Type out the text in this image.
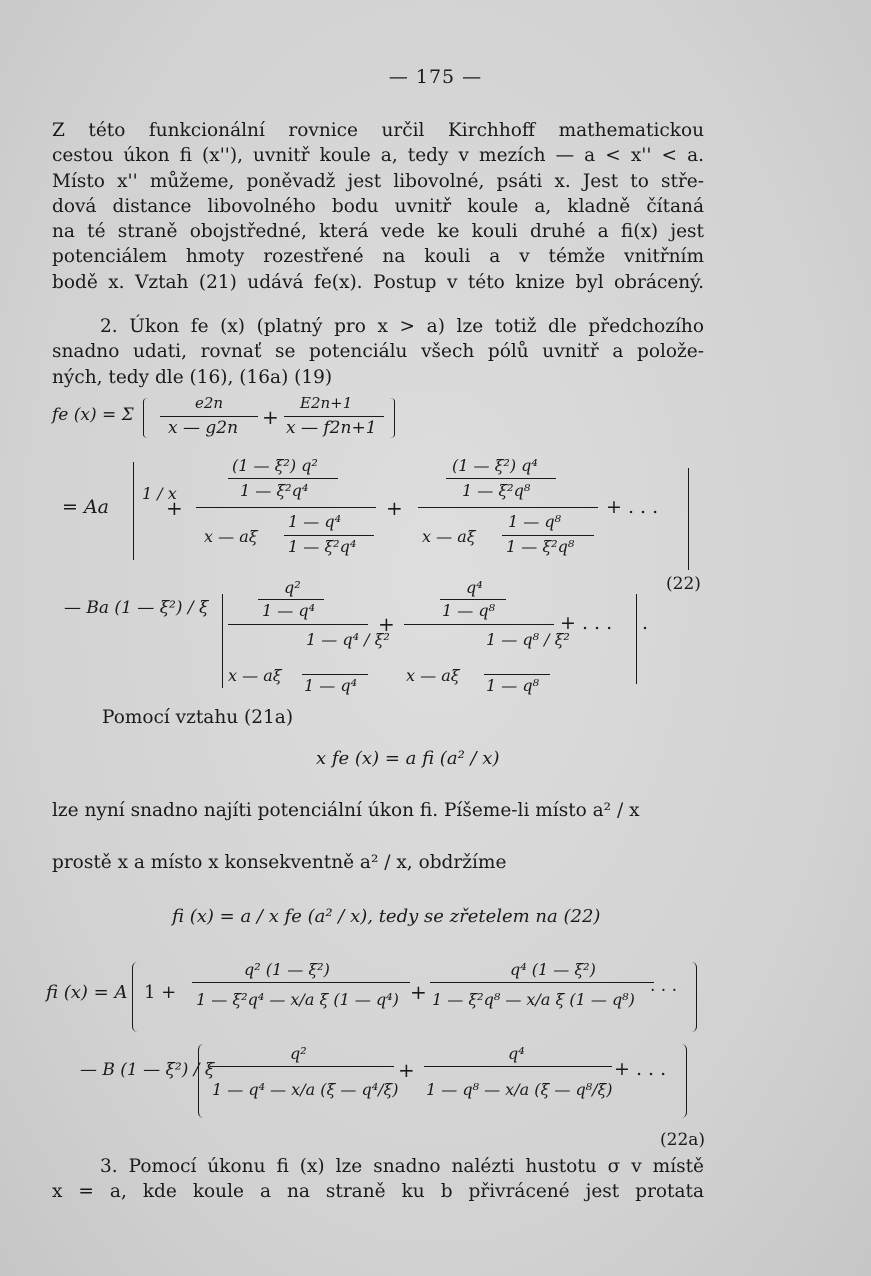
— 175 —
Z této funkcionální rovnice určil Kirchhoff mathematickou
cestou úkon fi (x''), uvnitř koule a, tedy v mezích — a < x'' < a.
Místo x'' můžeme, poněvadž jest libovolné, psáti x. Jest to stře-
dová distance libovolného bodu uvnitř koule a, kladně čítaná
na té straně obojstředné, která vede ke kouli druhé a fi(x) jest
potenciálem hmoty rozestřené na kouli a v témže vnitřním
bodě x. Vztah (21) udává fe(x). Postup v této knize byl obrácený.
2. Úkon fe (x) (platný pro x > a) lze totiž dle předchozího
snadno udati, rovnať se potenciálu všech pólů uvnitř a polože-
ných, tedy dle (16), (16a) (19)
fe (x) = Σ
e2n
x — g2n +
E2n+1
x — f2n+1
= Aa
1 / x
+
(1 — ξ²) q²
1 — ξ²q⁴
x — aξ
1 — q⁴
1 — ξ²q⁴
+
(1 — ξ²) q⁴
1 — ξ²q⁸
x — aξ
1 — q⁸
1 — ξ²q⁸
+ . . .
— Ba (1 — ξ²) / ξ
q²
1 — q⁴
x — aξ
1 — q⁴ / ξ²
1 — q⁴
+
q⁴
1 — q⁸
x — aξ
1 — q⁸ / ξ²
1 — q⁸
+ . . . .
(22)
Pomocí vztahu (21a)
x fe (x) = a fi (a² / x)
lze nyní snadno najíti potenciální úkon fi. Píšeme-li místo a² / x
prostě x a místo x konsekventně a² / x, obdržíme
fi (x) = a / x fe (a² / x), tedy se zřetelem na (22)
fi (x) = A 1 +
q² (1 — ξ²)
1 — ξ²q⁴ — x/a ξ (1 — q⁴) +
q⁴ (1 — ξ²)
1 — ξ²q⁸ — x/a ξ (1 — q⁸)
. . .
— B (1 — ξ²) / ξ
q²
1 — q⁴ — x/a (ξ — q⁴/ξ)
+
q⁴
1 — q⁸ — x/a (ξ — q⁸/ξ)
+ . . .
(22a)
3. Pomocí úkonu fi (x) lze snadno nalézti hustotu σ v místě
x = a, kde koule a na straně ku b přivrácené jest protata
